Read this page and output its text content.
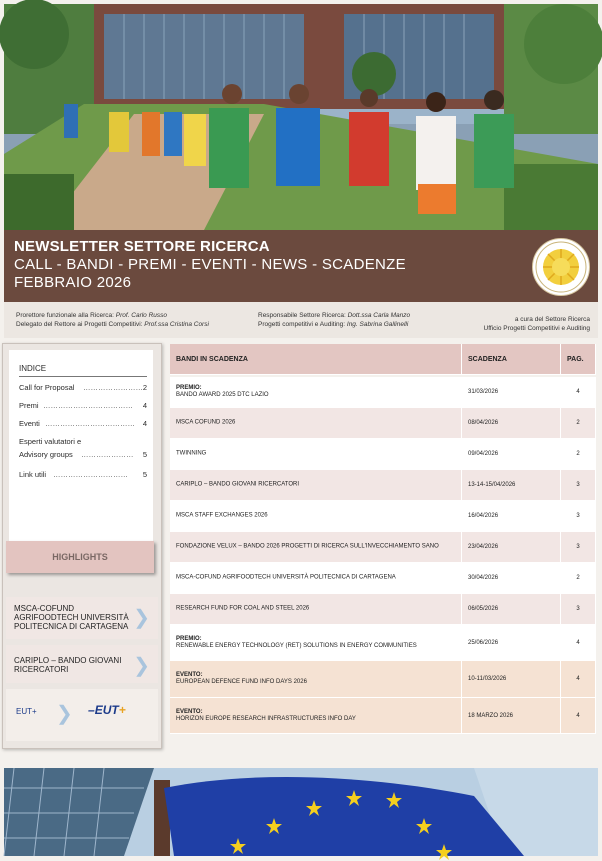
NEWSLETTER SETTORE RICERCA
CALL - BANDI - PREMI - EVENTI - NEWS - SCADENZE
FEBBRAIO 2026
Prorettore funzionale alla Ricerca: Prof. Carlo Russo
Delegato del Rettore ai Progetti Competitivi: Prof.ssa Cristina Corsi
Responsabile Settore Ricerca: Dott.ssa Carla Manzo
Progetti competitivi e Auditing: Ing. Sabrina Gallinelli
a cura del Settore Ricerca
Ufficio Progetti Competitivi e Auditing
INDICE
Call for Proposal …………………… 2
Premi ……………………………… 4
Eventi ……………………………… 4
Esperti valutatori e
Advisory groups ………………… 5
Link utili …………………………	5
HIGHLIGHTS
MSCA-COFUND
AGRIFOODTECH UNIVERSITÀ
POLITECNICA DI CARTAGENA ❯
CARIPLO – BANDO GIOVANI
RICERCATORI	❯
EUT+ ❯ –EUT+
BANDI IN SCADENZA	SCADENZA	PAG.
PREMIO:
BANDO AWARD 2025 DTC LAZIO	31/03/2026	4
MSCA COFUND 2026	08/04/2026	2
TWINNING	09/04/2026	2
CARIPLO – BANDO GIOVANI RICERCATORI	13-14-15/04/2026	3
MSCA STAFF EXCHANGES 2026	16/04/2026	3
FONDAZIONE VELUX – BANDO 2026 PROGETTI DI RICERCA SULL'INVECCHIAMENTO SANO	23/04/2026	3
MSCA-COFUND AGRIFOODTECH UNIVERSITÀ POLITECNICA DI CARTAGENA	30/04/2026	2
RESEARCH FUND FOR COAL AND STEEL 2026	06/05/2026	3
PREMIO:
RENEWABLE ENERGY TECHNOLOGY (RET) SOLUTIONS IN ENERGY COMMUNITIES	25/06/2026	4
EVENTO:
EUROPEAN DEFENCE FUND INFO DAYS 2026	10-11/03/2026	4
EVENTO:
HORIZON EUROPE RESEARCH INFRASTRUCTURES INFO DAY	18 MARZO 2026	4
